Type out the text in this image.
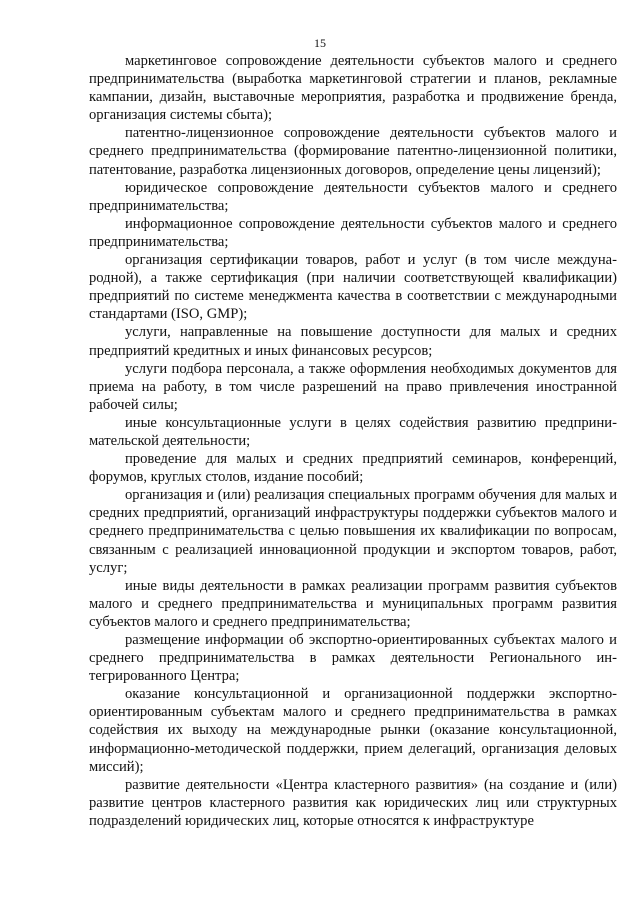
15

маркетинговое сопровождение деятельности субъектов малого и среднего предпринимательства (выработка маркетинговой стратегии и планов, рекламные кампании, дизайн, выставочные мероприятия, разработка и продвижение бренда, организация системы сбыта);

патентно-лицензионное сопровождение деятельности субъектов малого и среднего предпринимательства (формирование патентно-лицензионной политики, патентование, разработка лицензионных договоров, определение цены лицензий);

юридическое сопровождение деятельности субъектов малого и среднего предпринимательства;

информационное сопровождение деятельности субъектов малого и среднего предпринимательства;

организация сертификации товаров, работ и услуг (в том числе международной), а также сертификация (при наличии соответствующей квалификации) предприятий по системе менеджмента качества в соответствии с международными стандартами (ISO, GMP);

услуги, направленные на повышение доступности для малых и средних предприятий кредитных и иных финансовых ресурсов;

услуги подбора персонала, а также оформления необходимых документов для приема на работу, в том числе разрешений на право привлечения иностранной рабочей силы;

иные консультационные услуги в целях содействия развитию предпринимательской деятельности;

проведение для малых и средних предприятий семинаров, конференций, форумов, круглых столов, издание пособий;

организация и (или) реализация специальных программ обучения для малых и средних предприятий, организаций инфраструктуры поддержки субъектов малого и среднего предпринимательства с целью повышения их квалификации по вопросам, связанным с реализацией инновационной продукции и экспортом товаров, работ, услуг;

иные виды деятельности в рамках реализации программ развития субъектов малого и среднего предпринимательства и муниципальных программ развития субъектов малого и среднего предпринимательства;

размещение информации об экспортно-ориентированных субъектах малого и среднего предпринимательства в рамках деятельности Регионального интегрированного Центра;

оказание консультационной и организационной поддержки экспортноориентированным субъектам малого и среднего предпринимательства в рамках содействия их выходу на международные рынки (оказание консультационной, информационно-методической поддержки, прием делегаций, организация деловых миссий);

развитие деятельности «Центра кластерного развития» (на создание и (или) развитие центров кластерного развития как юридических лиц или структурных подразделений юридических лиц, которые относятся к инфраструктуре
